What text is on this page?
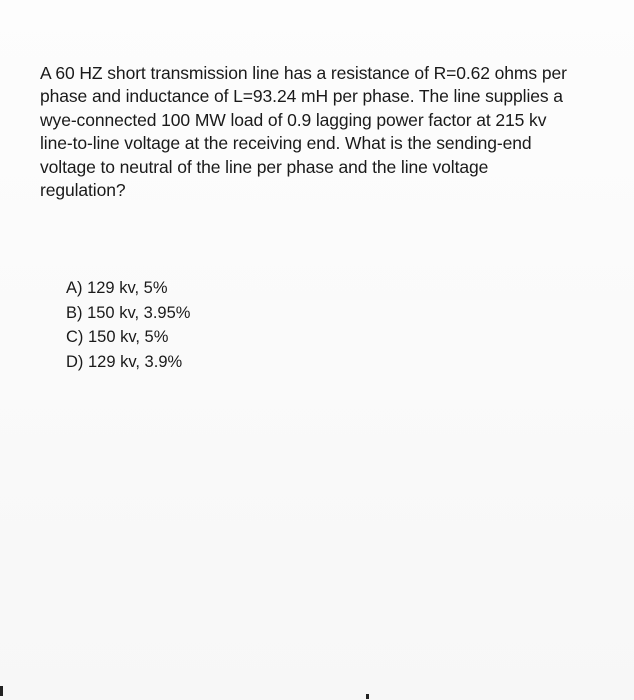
A 60 HZ short transmission line has a resistance of R=0.62 ohms per
phase and inductance of L=93.24 mH per phase. The line supplies a
wye-connected 100 MW load of 0.9 lagging power factor at 215 kv
line-to-line voltage at the receiving end. What is the sending-end
voltage to neutral of the line per phase and the line voltage
regulation?

A) 129 kv, 5%
B) 150 kv, 3.95%
C) 150 kv, 5%
D) 129 kv, 3.9%
